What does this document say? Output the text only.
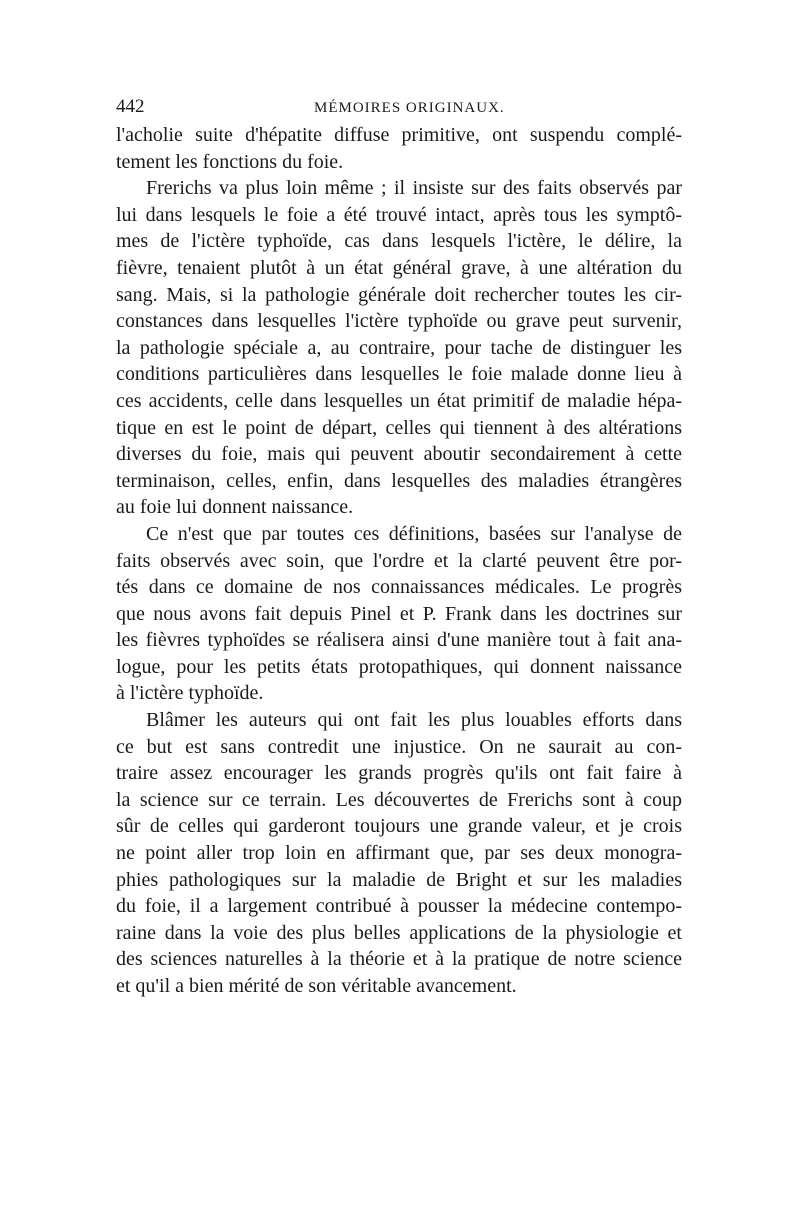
442	MÉMOIRES ORIGINAUX.
l'acholie suite d'hépatite diffuse primitive, ont suspendu complé-
tement les fonctions du foie.
Frerichs va plus loin même ; il insiste sur des faits observés par
lui dans lesquels le foie a été trouvé intact, après tous les symptô-
mes de l'ictère typhoïde, cas dans lesquels l'ictère, le délire, la
fièvre, tenaient plutôt à un état général grave, à une altération du
sang. Mais, si la pathologie générale doit rechercher toutes les cir-
constances dans lesquelles l'ictère typhoïde ou grave peut survenir,
la pathologie spéciale a, au contraire, pour tache de distinguer les
conditions particulières dans lesquelles le foie malade donne lieu à
ces accidents, celle dans lesquelles un état primitif de maladie hépa-
tique en est le point de départ, celles qui tiennent à des altérations
diverses du foie, mais qui peuvent aboutir secondairement à cette
terminaison, celles, enfin, dans lesquelles des maladies étrangères
au foie lui donnent naissance.
Ce n'est que par toutes ces définitions, basées sur l'analyse de
faits observés avec soin, que l'ordre et la clarté peuvent être por-
tés dans ce domaine de nos connaissances médicales. Le progrès
que nous avons fait depuis Pinel et P. Frank dans les doctrines sur
les fièvres typhoïdes se réalisera ainsi d'une manière tout à fait ana-
logue, pour les petits états protopathiques, qui donnent naissance
à l'ictère typhoïde.
Blâmer les auteurs qui ont fait les plus louables efforts dans
ce but est sans contredit une injustice. On ne saurait au con-
traire assez encourager les grands progrès qu'ils ont fait faire à
la science sur ce terrain. Les découvertes de Frerichs sont à coup
sûr de celles qui garderont toujours une grande valeur, et je crois
ne point aller trop loin en affirmant que, par ses deux monogra-
phies pathologiques sur la maladie de Bright et sur les maladies
du foie, il a largement contribué à pousser la médecine contempo-
raine dans la voie des plus belles applications de la physiologie et
des sciences naturelles à la théorie et à la pratique de notre science
et qu'il a bien mérité de son véritable avancement.
